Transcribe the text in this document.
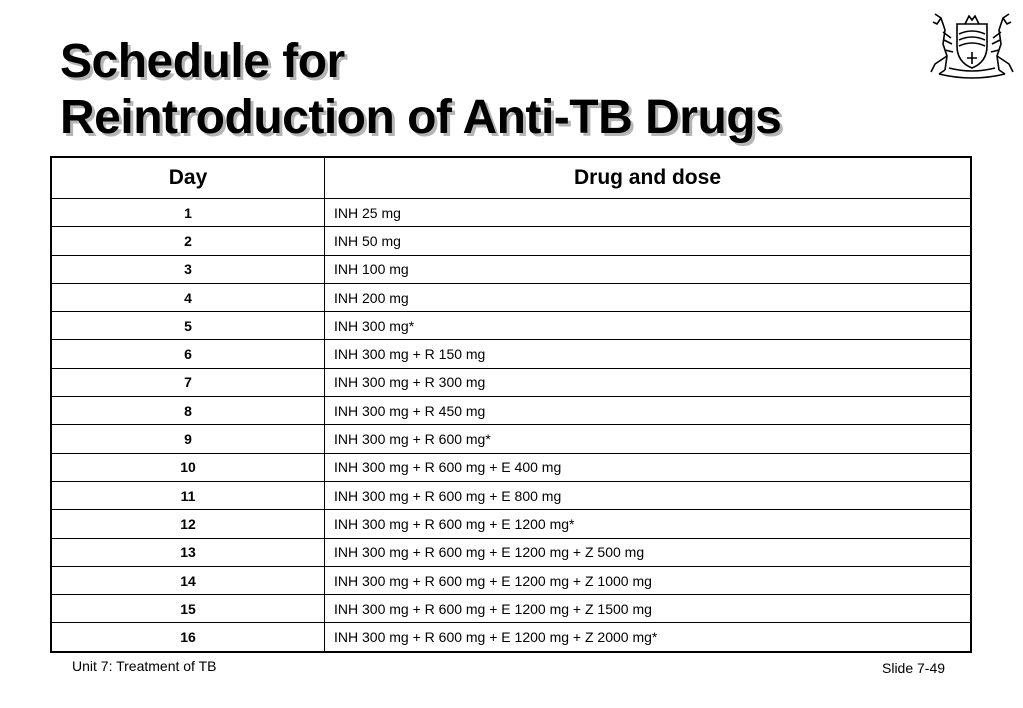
Schedule for
Reintroduction of Anti-TB Drugs
Day	Drug and dose
1	INH 25 mg
2	INH 50 mg
3	INH 100 mg
4	INH 200 mg
5	INH 300 mg*
6	INH 300 mg + R 150 mg
7	INH 300 mg + R 300 mg
8	INH 300 mg + R 450 mg
9	INH 300 mg + R 600 mg*
10	INH 300 mg + R 600 mg + E 400 mg
11	INH 300 mg + R 600 mg + E 800 mg
12	INH 300 mg + R 600 mg + E 1200 mg*
13	INH 300 mg + R 600 mg + E 1200 mg + Z 500 mg
14	INH 300 mg + R 600 mg + E 1200 mg + Z 1000 mg
15	INH 300 mg + R 600 mg + E 1200 mg + Z 1500 mg
16	INH 300 mg + R 600 mg + E 1200 mg + Z 2000 mg*
Unit 7: Treatment of TB	Slide 7-49
